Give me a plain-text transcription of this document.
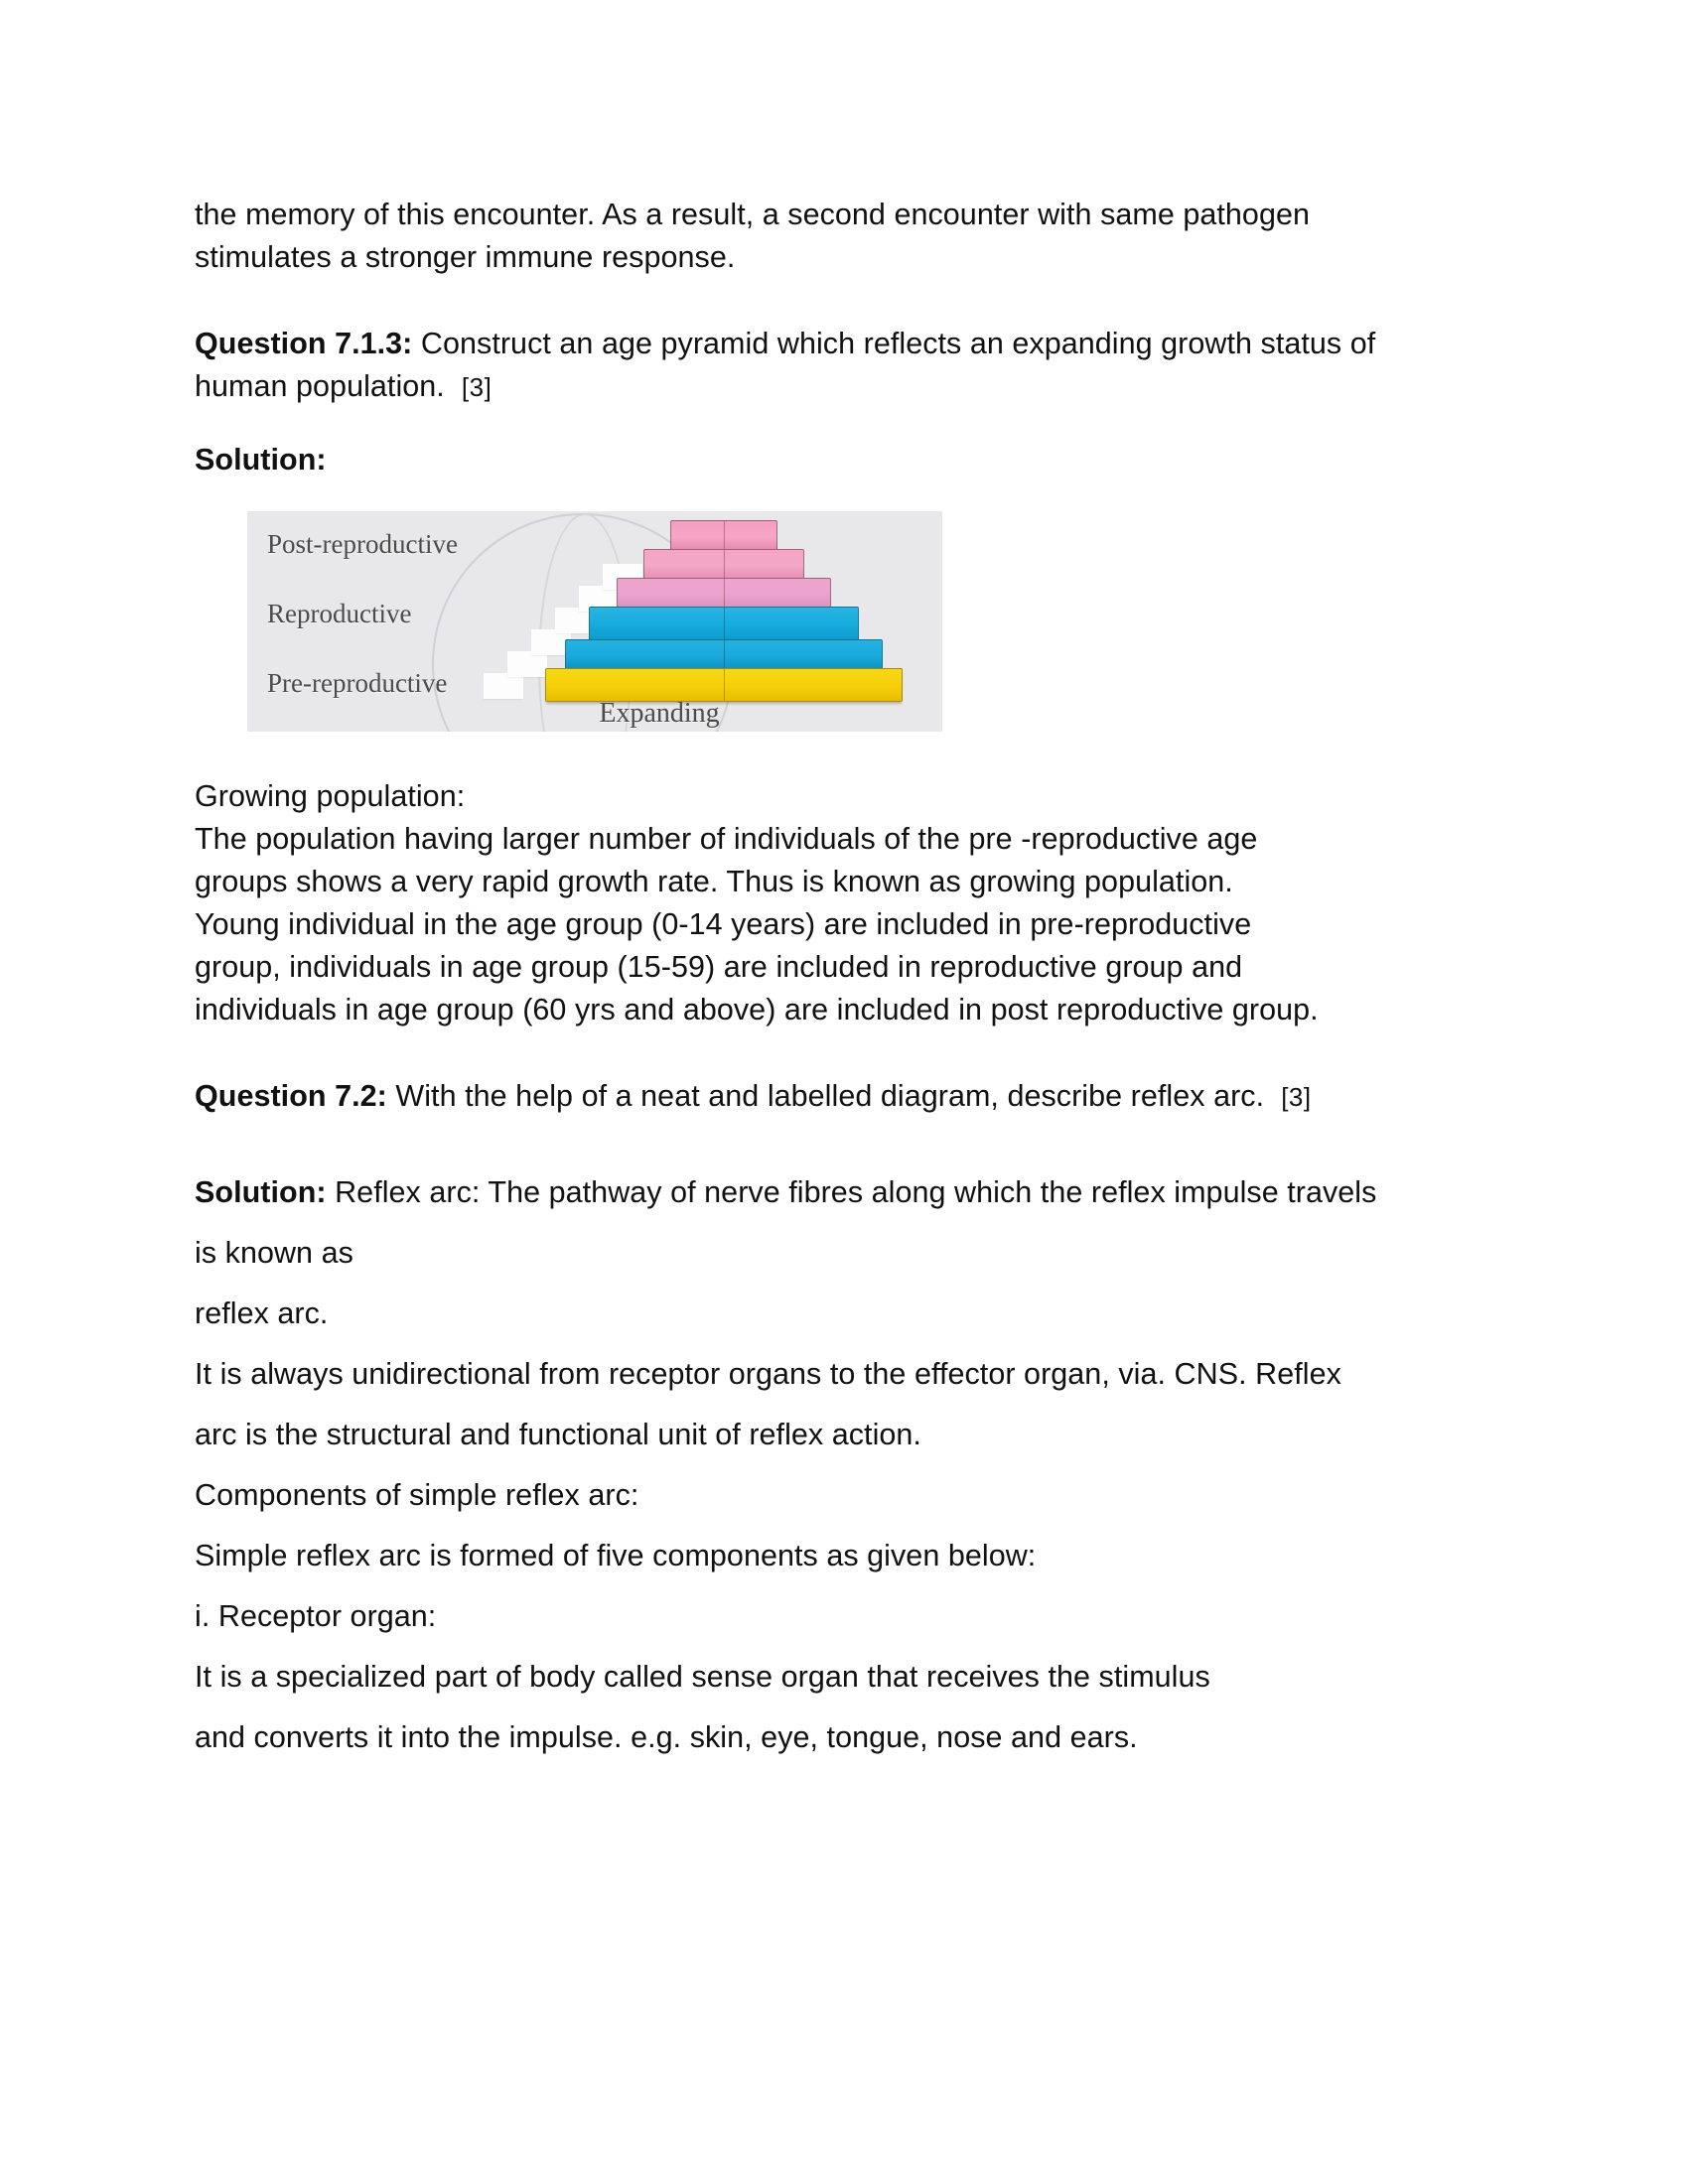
the memory of this encounter. As a result, a second encounter with same pathogen
stimulates a stronger immune response.
Question 7.1.3: Construct an age pyramid which reflects an expanding growth status of
human population. [3]
Solution:
Post-reproductive
Reproductive
Pre-reproductive
Expanding
Growing population:
The population having larger number of individuals of the pre -reproductive age
groups shows a very rapid growth rate. Thus is known as growing population.
Young individual in the age group (0-14 years) are included in pre-reproductive
group, individuals in age group (15-59) are included in reproductive group and
individuals in age group (60 yrs and above) are included in post reproductive group.
Question 7.2: With the help of a neat and labelled diagram, describe reflex arc. [3]
Solution: Reflex arc: The pathway of nerve fibres along which the reflex impulse travels
is known as
reflex arc.
It is always unidirectional from receptor organs to the effector organ, via. CNS. Reflex
arc is the structural and functional unit of reflex action.
Components of simple reflex arc:
Simple reflex arc is formed of five components as given below:
i. Receptor organ:
It is a specialized part of body called sense organ that receives the stimulus
and converts it into the impulse. e.g. skin, eye, tongue, nose and ears.
